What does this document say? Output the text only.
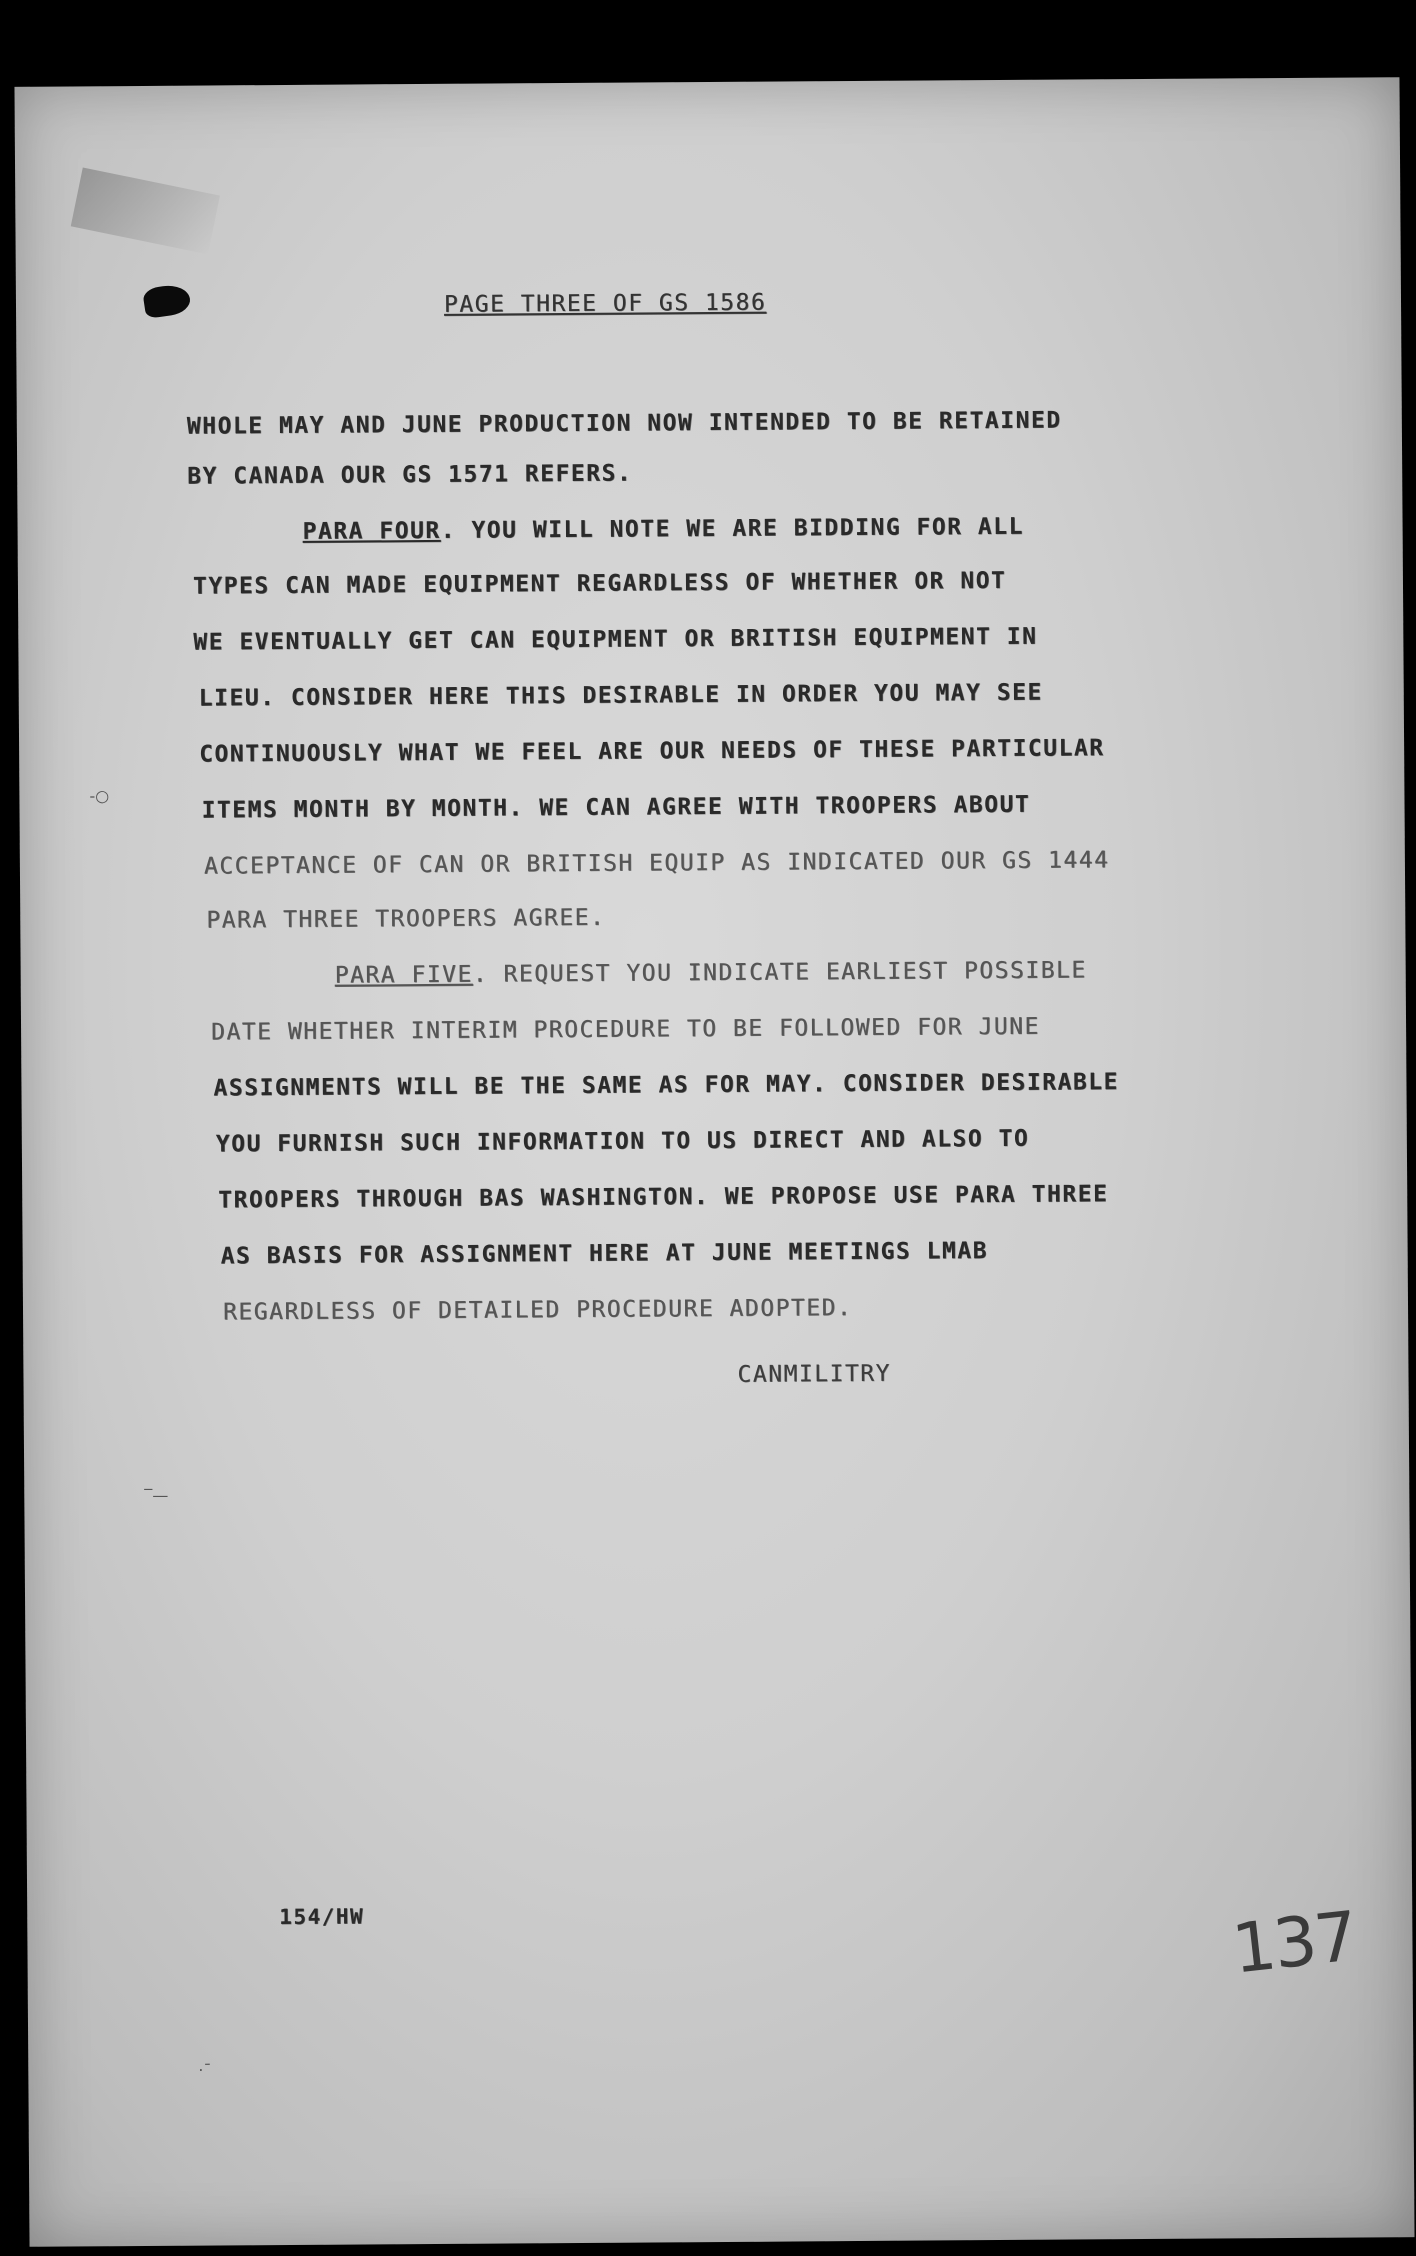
PAGE THREE OF GS 1586
WHOLE MAY AND JUNE PRODUCTION NOW INTENDED TO BE RETAINED
BY CANADA OUR GS 1571 REFERS.
PARA FOUR. YOU WILL NOTE WE ARE BIDDING FOR ALL
TYPES CAN MADE EQUIPMENT REGARDLESS OF WHETHER OR NOT
WE EVENTUALLY GET CAN EQUIPMENT OR BRITISH EQUIPMENT IN
LIEU. CONSIDER HERE THIS DESIRABLE IN ORDER YOU MAY SEE
CONTINUOUSLY WHAT WE FEEL ARE OUR NEEDS OF THESE PARTICULAR
ITEMS MONTH BY MONTH. WE CAN AGREE WITH TROOPERS ABOUT
ACCEPTANCE OF CAN OR BRITISH EQUIP AS INDICATED OUR GS 1444
PARA THREE TROOPERS AGREE.
PARA FIVE. REQUEST YOU INDICATE EARLIEST POSSIBLE
DATE WHETHER INTERIM PROCEDURE TO BE FOLLOWED FOR JUNE
ASSIGNMENTS WILL BE THE SAME AS FOR MAY. CONSIDER DESIRABLE
YOU FURNISH SUCH INFORMATION TO US DIRECT AND ALSO TO
TROOPERS THROUGH BAS WASHINGTON. WE PROPOSE USE PARA THREE
AS BASIS FOR ASSIGNMENT HERE AT JUNE MEETINGS LMAB
REGARDLESS OF DETAILED PROCEDURE ADOPTED.
CANMILITRY
154/HW	137
-○
‾—
·ˉ
